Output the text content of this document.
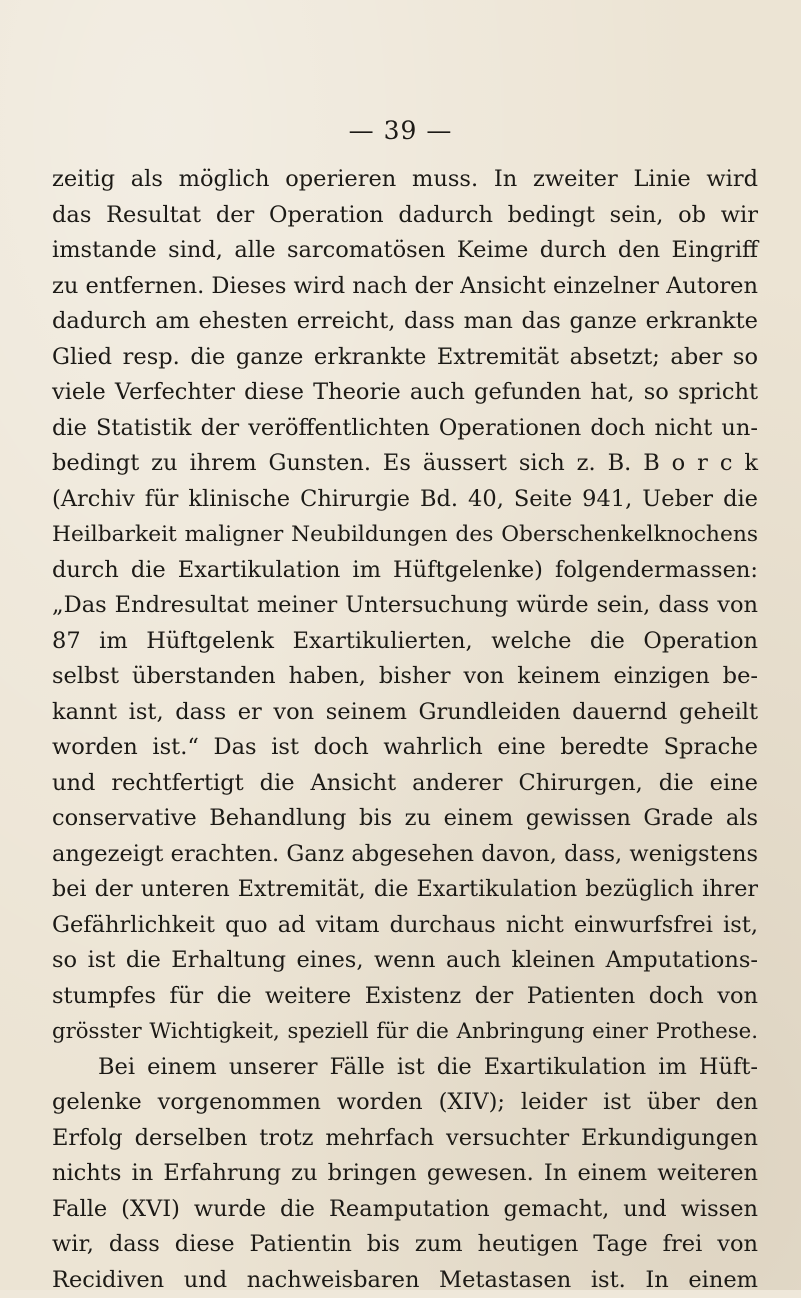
— 39 —
zeitig als möglich operieren muss. In zweiter Linie wird
das Resultat der Operation dadurch bedingt sein, ob wir
imstande sind, alle sarcomatösen Keime durch den Eingriff
zu entfernen. Dieses wird nach der Ansicht einzelner Autoren
dadurch am ehesten erreicht, dass man das ganze erkrankte
Glied resp. die ganze erkrankte Extremität absetzt; aber so
viele Verfechter diese Theorie auch gefunden hat, so spricht
die Statistik der veröffentlichten Operationen doch nicht un-
bedingt zu ihrem Gunsten. Es äussert sich z. B. B o r c k
(Archiv für klinische Chirurgie Bd. 40, Seite 941, Ueber die
Heilbarkeit maligner Neubildungen des Oberschenkelknochens
durch die Exartikulation im Hüftgelenke) folgendermassen:
„Das Endresultat meiner Untersuchung würde sein, dass von
87 im Hüftgelenk Exartikulierten, welche die Operation
selbst überstanden haben, bisher von keinem einzigen be-
kannt ist, dass er von seinem Grundleiden dauernd geheilt
worden ist.“ Das ist doch wahrlich eine beredte Sprache
und rechtfertigt die Ansicht anderer Chirurgen, die eine
conservative Behandlung bis zu einem gewissen Grade als
angezeigt erachten. Ganz abgesehen davon, dass, wenigstens
bei der unteren Extremität, die Exartikulation bezüglich ihrer
Gefährlichkeit quo ad vitam durchaus nicht einwurfsfrei ist,
so ist die Erhaltung eines, wenn auch kleinen Amputations-
stumpfes für die weitere Existenz der Patienten doch von
grösster Wichtigkeit, speziell für die Anbringung einer Prothese.
Bei einem unserer Fälle ist die Exartikulation im Hüft-
gelenke vorgenommen worden (XIV); leider ist über den
Erfolg derselben trotz mehrfach versuchter Erkundigungen
nichts in Erfahrung zu bringen gewesen. In einem weiteren
Falle (XVI) wurde die Reamputation gemacht, und wissen
wir, dass diese Patientin bis zum heutigen Tage frei von
Recidiven und nachweisbaren Metastasen ist. In einem
